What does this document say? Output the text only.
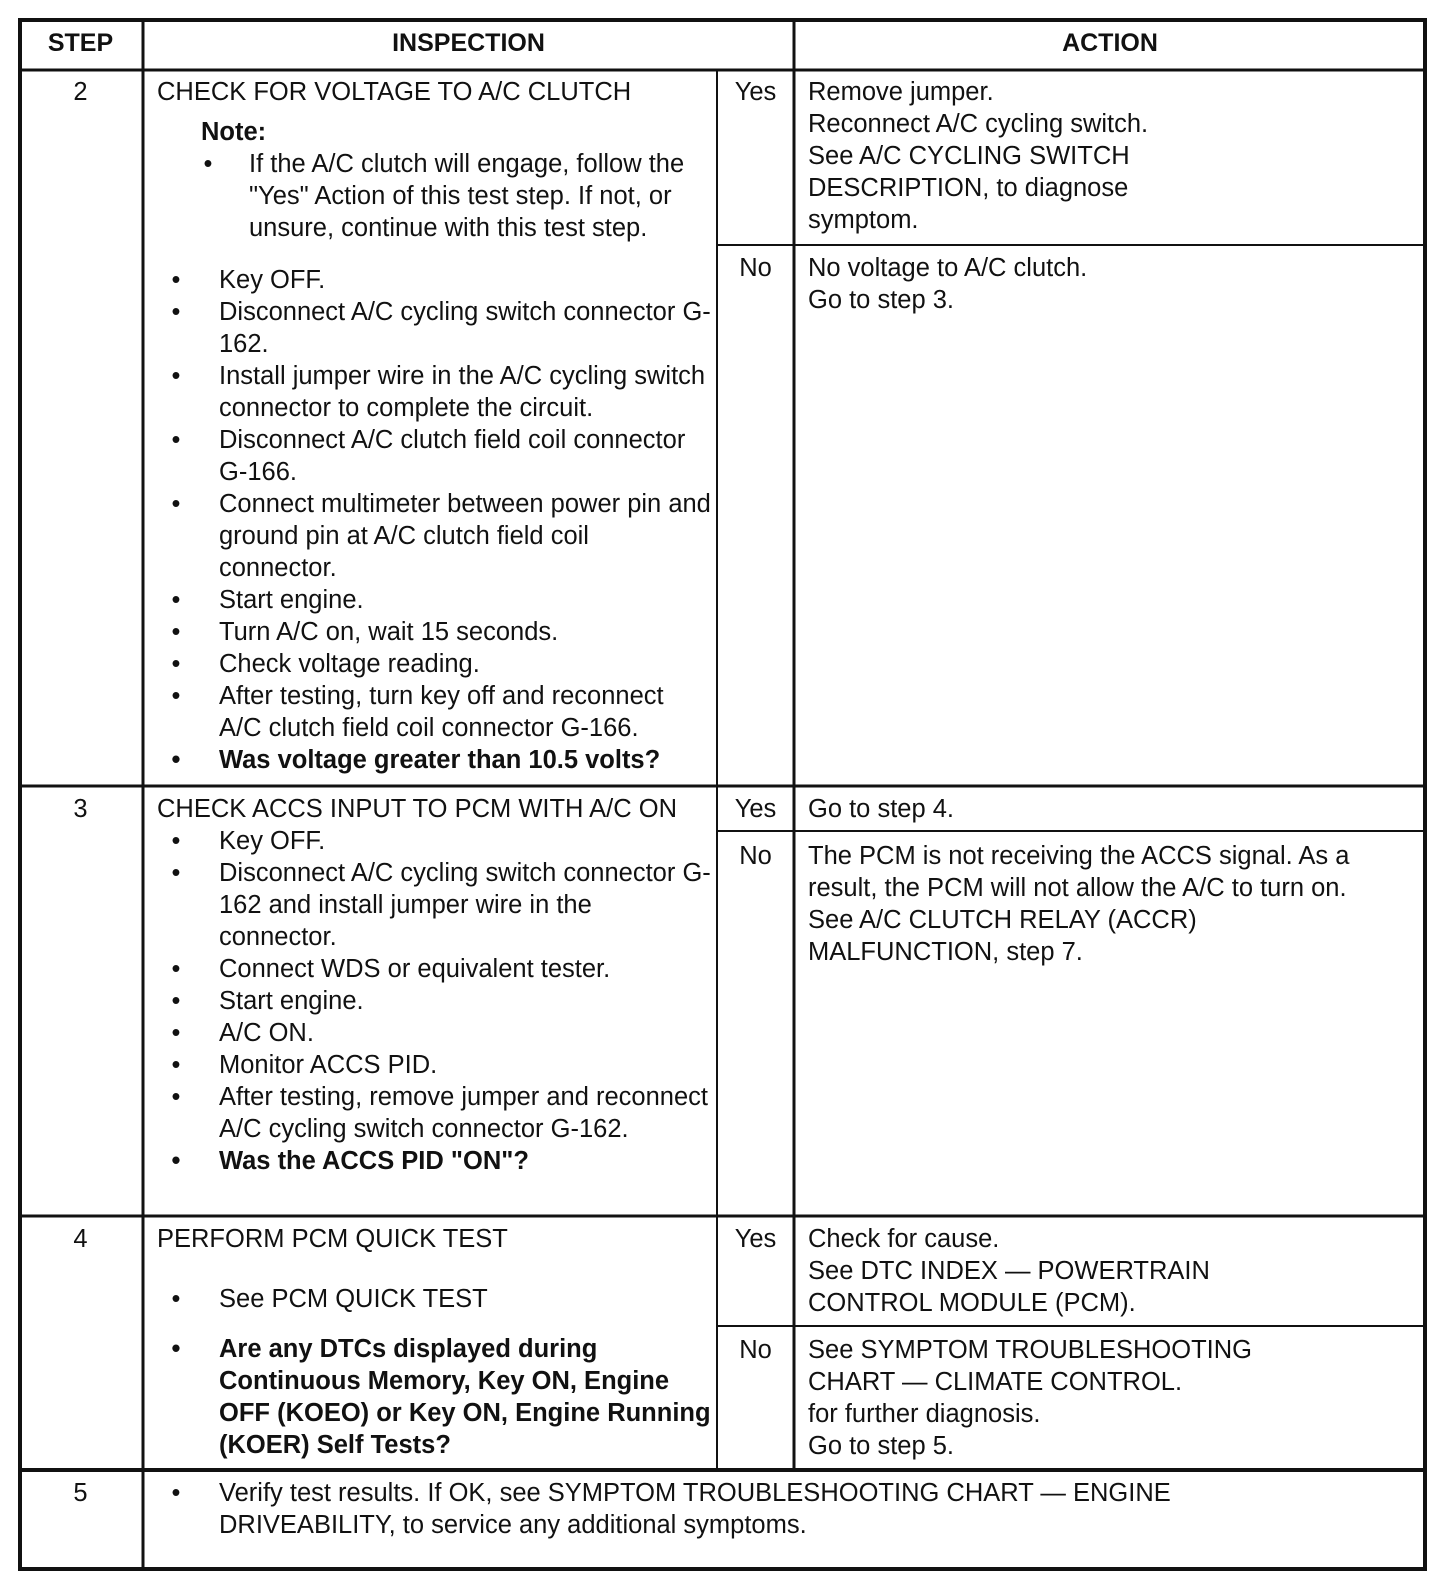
STEP	INSPECTION	ACTION
2	CHECK FOR VOLTAGE TO A/C CLUTCH
Note:
• If the A/C clutch will engage, follow the "Yes" Action of this test step. If not, or unsure, continue with this test step.
• Key OFF.
• Disconnect A/C cycling switch connector G-162.
• Install jumper wire in the A/C cycling switch connector to complete the circuit.
• Disconnect A/C clutch field coil connector G-166.
• Connect multimeter between power pin and ground pin at A/C clutch field coil connector.
• Start engine.
• Turn A/C on, wait 15 seconds.
• Check voltage reading.
• After testing, turn key off and reconnect A/C clutch field coil connector G-166.
• Was voltage greater than 10.5 volts?
Yes	Remove jumper.
Reconnect A/C cycling switch.
See A/C CYCLING SWITCH
DESCRIPTION, to diagnose
symptom.
No	No voltage to A/C clutch.
Go to step 3.
3	CHECK ACCS INPUT TO PCM WITH A/C ON
• Key OFF.
• Disconnect A/C cycling switch connector G-162 and install jumper wire in the connector.
• Connect WDS or equivalent tester.
• Start engine.
• A/C ON.
• Monitor ACCS PID.
• After testing, remove jumper and reconnect A/C cycling switch connector G-162.
• Was the ACCS PID "ON"?
Yes	Go to step 4.
No	The PCM is not receiving the ACCS signal. As a
result, the PCM will not allow the A/C to turn on.
See A/C CLUTCH RELAY (ACCR)
MALFUNCTION, step 7.
4	PERFORM PCM QUICK TEST
• See PCM QUICK TEST
• Are any DTCs displayed during Continuous Memory, Key ON, Engine OFF (KOEO) or Key ON, Engine Running (KOER) Self Tests?
Yes	Check for cause.
See DTC INDEX — POWERTRAIN
CONTROL MODULE (PCM).
No	See SYMPTOM TROUBLESHOOTING
CHART — CLIMATE CONTROL.
for further diagnosis.
Go to step 5.
5	• Verify test results. If OK, see SYMPTOM TROUBLESHOOTING CHART — ENGINE DRIVEABILITY, to service any additional symptoms.
